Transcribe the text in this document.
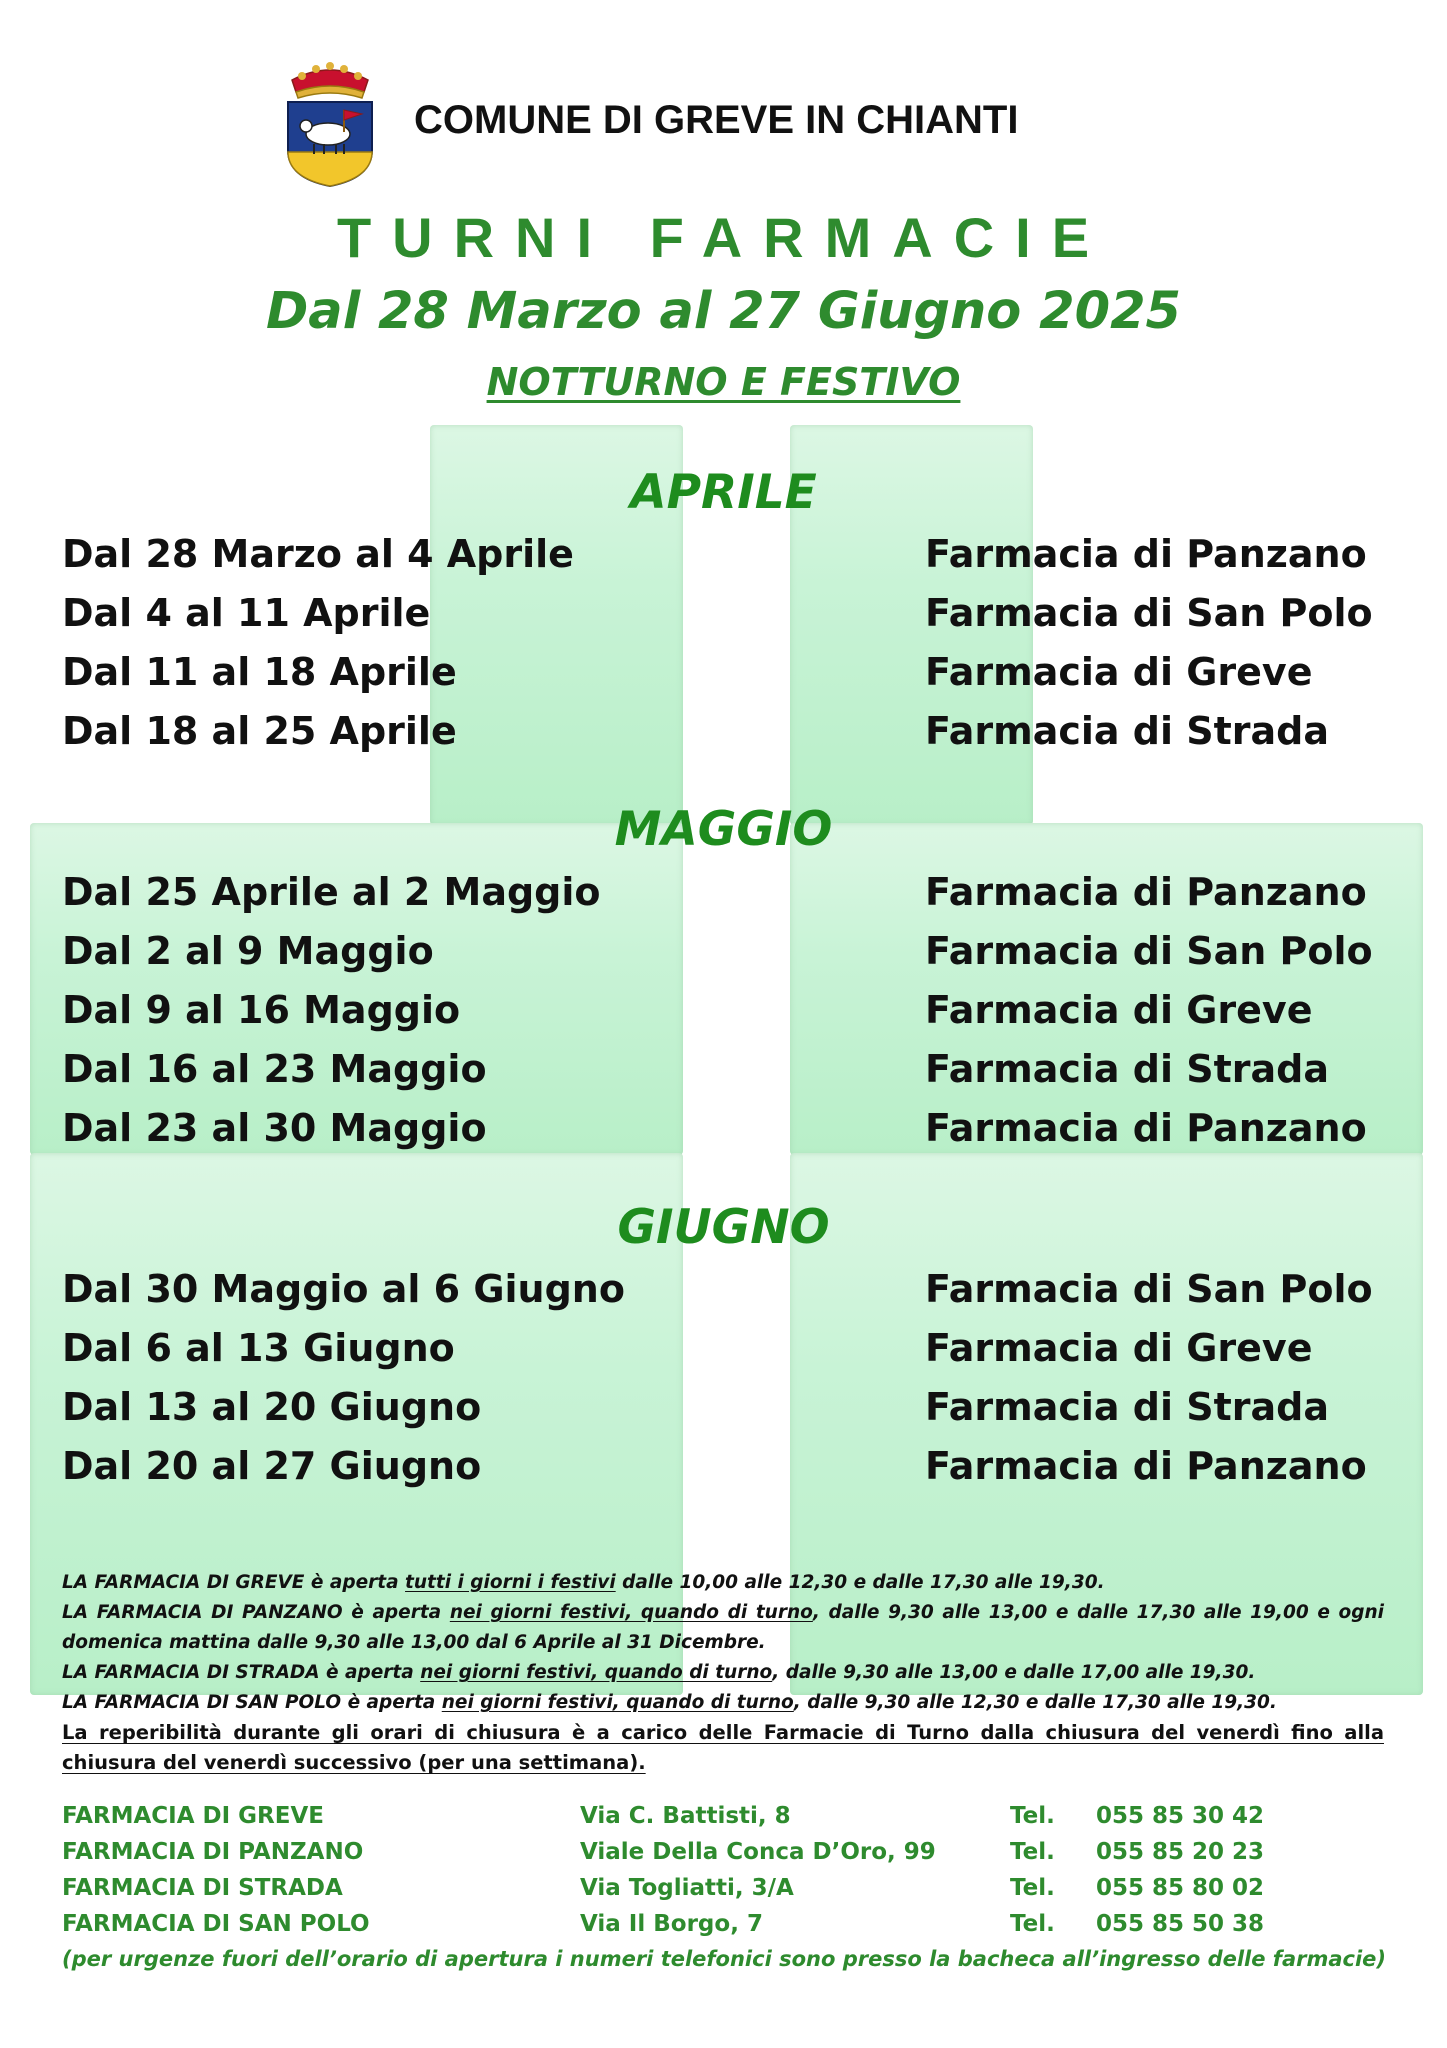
COMUNE DI GREVE IN CHIANTI
TURNI FARMACIE
Dal 28 Marzo al 27 Giugno 2025
NOTTURNO E FESTIVO
APRILE
Dal 28 Marzo al 4 Aprile	Farmacia di Panzano
Dal 4 al 11 Aprile	Farmacia di San Polo
Dal 11 al 18 Aprile	Farmacia di Greve
Dal 18 al 25 Aprile	Farmacia di Strada
MAGGIO
Dal 25 Aprile al 2 Maggio	Farmacia di Panzano
Dal 2 al 9 Maggio	Farmacia di San Polo
Dal 9 al 16 Maggio	Farmacia di Greve
Dal 16 al 23 Maggio	Farmacia di Strada
Dal 23 al 30 Maggio	Farmacia di Panzano
GIUGNO
Dal 30 Maggio al 6 Giugno	Farmacia di San Polo
Dal 6 al 13 Giugno	Farmacia di Greve
Dal 13 al 20 Giugno	Farmacia di Strada
Dal 20 al 27 Giugno	Farmacia di Panzano

LA FARMACIA DI GREVE è aperta tutti i giorni i festivi dalle 10,00 alle 12,30 e dalle 17,30 alle 19,30.

LA FARMACIA DI PANZANO è aperta nei giorni festivi, quando di turno, dalle 9,30 alle 13,00 e dalle 17,30 alle 19,00 e ogni domenica mattina dalle 9,30 alle 13,00 dal 6 Aprile al 31 Dicembre.

LA FARMACIA DI STRADA è aperta nei giorni festivi, quando di turno, dalle 9,30 alle 13,00 e dalle 17,00 alle 19,30.

LA FARMACIA DI SAN POLO è aperta nei giorni festivi, quando di turno, dalle 9,30 alle 12,30 e dalle 17,30 alle 19,30.

La reperibilità durante gli orari di chiusura è a carico delle Farmacie di Turno dalla chiusura del venerdì fino alla chiusura del venerdì successivo (per una settimana).

FARMACIA DI GREVE	Via C. Battisti, 8	Tel. 055 85 30 42
FARMACIA DI PANZANO	Viale Della Conca D’Oro, 99	Tel. 055 85 20 23
FARMACIA DI STRADA	Via Togliatti, 3/A	Tel. 055 85 80 02
FARMACIA DI SAN POLO	Via Il Borgo, 7	Tel. 055 85 50 38
(per urgenze fuori dell’orario di apertura i numeri telefonici sono presso la bacheca all’ingresso delle farmacie)
